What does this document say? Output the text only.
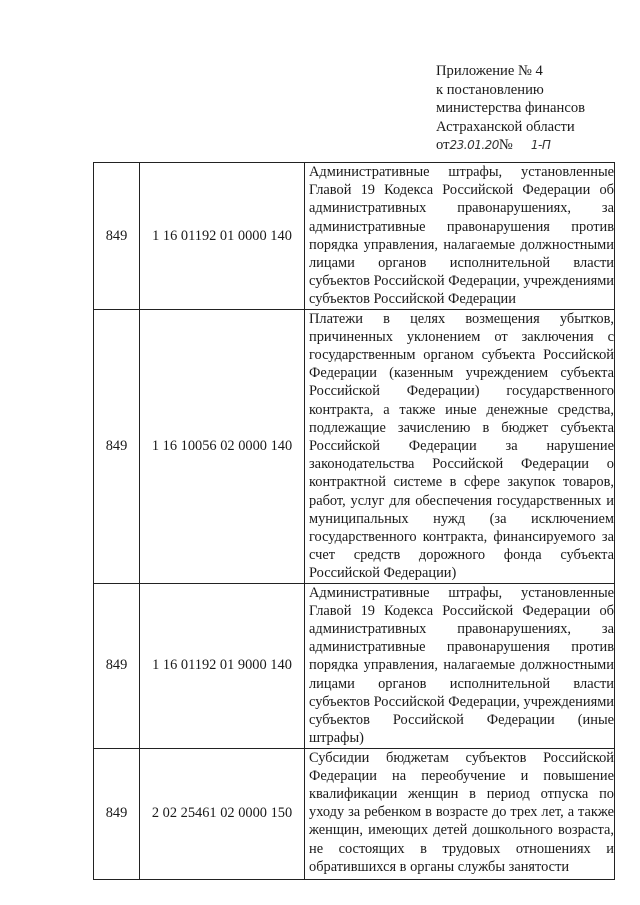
Приложение № 4
к постановлению
министерства финансов
Астраханской области
от23.01.20№ 1-П
849	1 16 01192 01 0000 140	Административные штрафы, установленные Главой 19 Кодекса Российской Федерации об административных правонарушениях, за административные правонарушения против порядка управления, налагаемые должностными лицами органов исполнительной власти субъектов Российской Федерации, учреждениями субъектов Российской Федерации

849	1 16 10056 02 0000 140	Платежи в целях возмещения убытков, причиненных уклонением от заключения с государственным органом субъекта Российской Федерации (казенным учреждением субъекта Российской Федерации) государственного контракта, а также иные денежные средства, подлежащие зачислению в бюджет субъекта Российской Федерации за нарушение законодательства Российской Федерации о контрактной системе в сфере закупок товаров, работ, услуг для обеспечения государственных и муниципальных нужд (за исключением государственного контракта, финансируемого за счет средств дорожного фонда субъекта Российской Федерации)

849	1 16 01192 01 9000 140	Административные штрафы, установленные Главой 19 Кодекса Российской Федерации об административных правонарушениях, за административные правонарушения против порядка управления, налагаемые должностными лицами органов исполнительной власти субъектов Российской Федерации, учреждениями субъектов Российской Федерации (иные штрафы)

849	2 02 25461 02 0000 150	Субсидии бюджетам субъектов Российской Федерации на переобучение и повышение квалификации женщин в период отпуска по уходу за ребенком в возрасте до трех лет, а также женщин, имеющих детей дошкольного возраста, не состоящих в трудовых отношениях и обратившихся в органы службы занятости
